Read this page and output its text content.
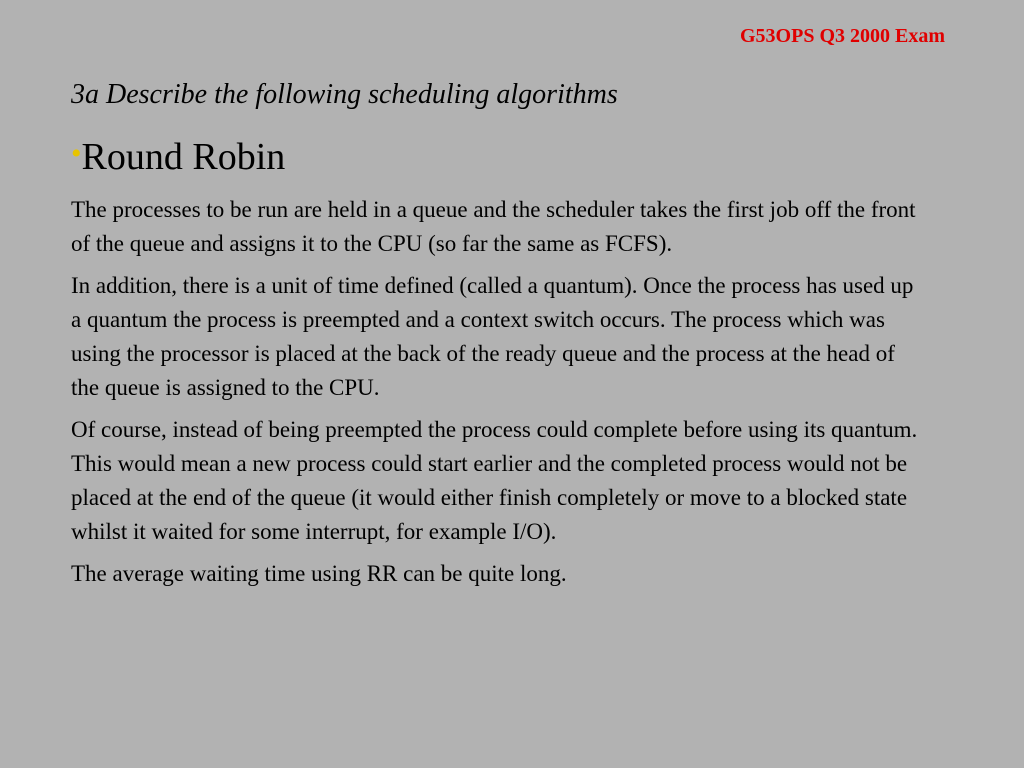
G53OPS Q3 2000 Exam
3a Describe the following scheduling algorithms
•Round Robin

The processes to be run are held in a queue and the scheduler takes the first job off the front of the queue and assigns it to the CPU (so far the same as FCFS).

In addition, there is a unit of time defined (called a quantum). Once the process has used up a quantum the process is preempted and a context switch occurs. The process which was using the processor is placed at the back of the ready queue and the process at the head of the queue is assigned to the CPU.

Of course, instead of being preempted the process could complete before using its quantum. This would mean a new process could start earlier and the completed process would not be placed at the end of the queue (it would either finish completely or move to a blocked state whilst it waited for some interrupt, for example I/O).

The average waiting time using RR can be quite long.
